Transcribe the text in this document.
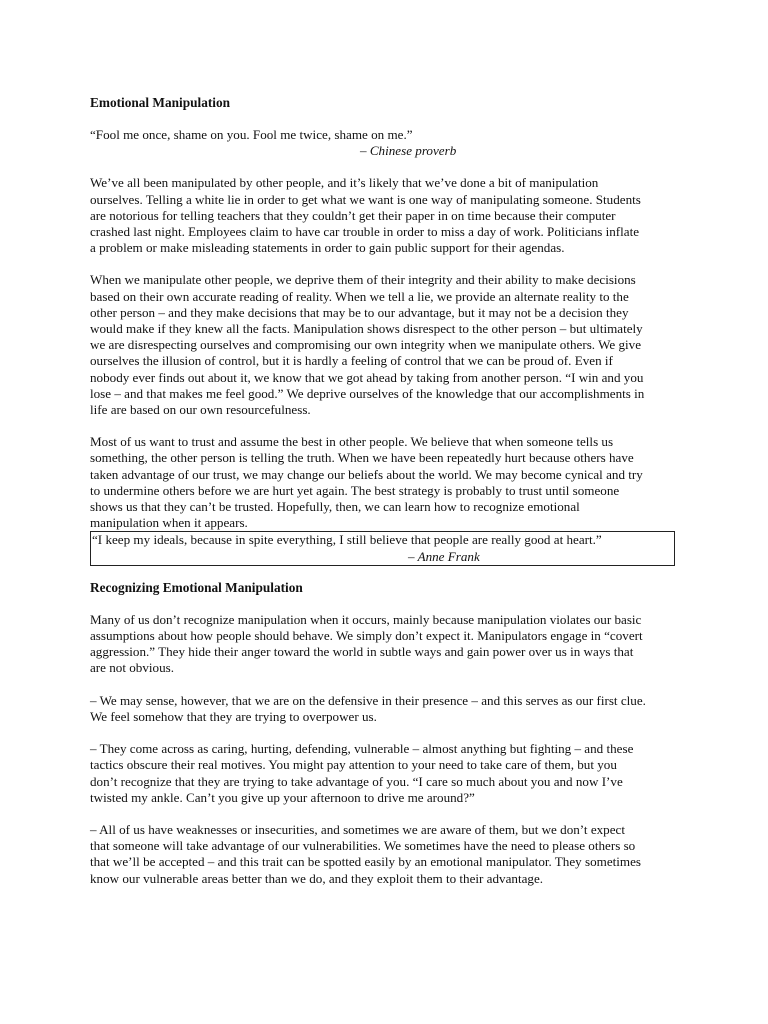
Emotional Manipulation
“Fool me once, shame on you. Fool me twice, shame on me.”
– Chinese proverb

We’ve all been manipulated by other people, and it’s likely that we’ve done a bit of manipulation
ourselves. Telling a white lie in order to get what we want is one way of manipulating someone. Students
are notorious for telling teachers that they couldn’t get their paper in on time because their computer
crashed last night. Employees claim to have car trouble in order to miss a day of work. Politicians inflate
a problem or make misleading statements in order to gain public support for their agendas.

When we manipulate other people, we deprive them of their integrity and their ability to make decisions
based on their own accurate reading of reality. When we tell a lie, we provide an alternate reality to the
other person – and they make decisions that may be to our advantage, but it may not be a decision they
would make if they knew all the facts. Manipulation shows disrespect to the other person – but ultimately
we are disrespecting ourselves and compromising our own integrity when we manipulate others. We give
ourselves the illusion of control, but it is hardly a feeling of control that we can be proud of. Even if
nobody ever finds out about it, we know that we got ahead by taking from another person. “I win and you
lose – and that makes me feel good.” We deprive ourselves of the knowledge that our accomplishments in
life are based on our own resourcefulness.

Most of us want to trust and assume the best in other people. We believe that when someone tells us
something, the other person is telling the truth. When we have been repeatedly hurt because others have
taken advantage of our trust, we may change our beliefs about the world. We may become cynical and try
to undermine others before we are hurt yet again. The best strategy is probably to trust until someone
shows us that they can’t be trusted. Hopefully, then, we can learn how to recognize emotional
manipulation when it appears.

“I keep my ideals, because in spite everything, I still believe that people are really good at heart.”
– Anne Frank
Recognizing Emotional Manipulation

Many of us don’t recognize manipulation when it occurs, mainly because manipulation violates our basic
assumptions about how people should behave. We simply don’t expect it. Manipulators engage in “covert
aggression.” They hide their anger toward the world in subtle ways and gain power over us in ways that
are not obvious.

– We may sense, however, that we are on the defensive in their presence – and this serves as our first clue.
We feel somehow that they are trying to overpower us.

– They come across as caring, hurting, defending, vulnerable – almost anything but fighting – and these
tactics obscure their real motives. You might pay attention to your need to take care of them, but you
don’t recognize that they are trying to take advantage of you. “I care so much about you and now I’ve
twisted my ankle. Can’t you give up your afternoon to drive me around?”

– All of us have weaknesses or insecurities, and sometimes we are aware of them, but we don’t expect
that someone will take advantage of our vulnerabilities. We sometimes have the need to please others so
that we’ll be accepted – and this trait can be spotted easily by an emotional manipulator. They sometimes
know our vulnerable areas better than we do, and they exploit them to their advantage.
